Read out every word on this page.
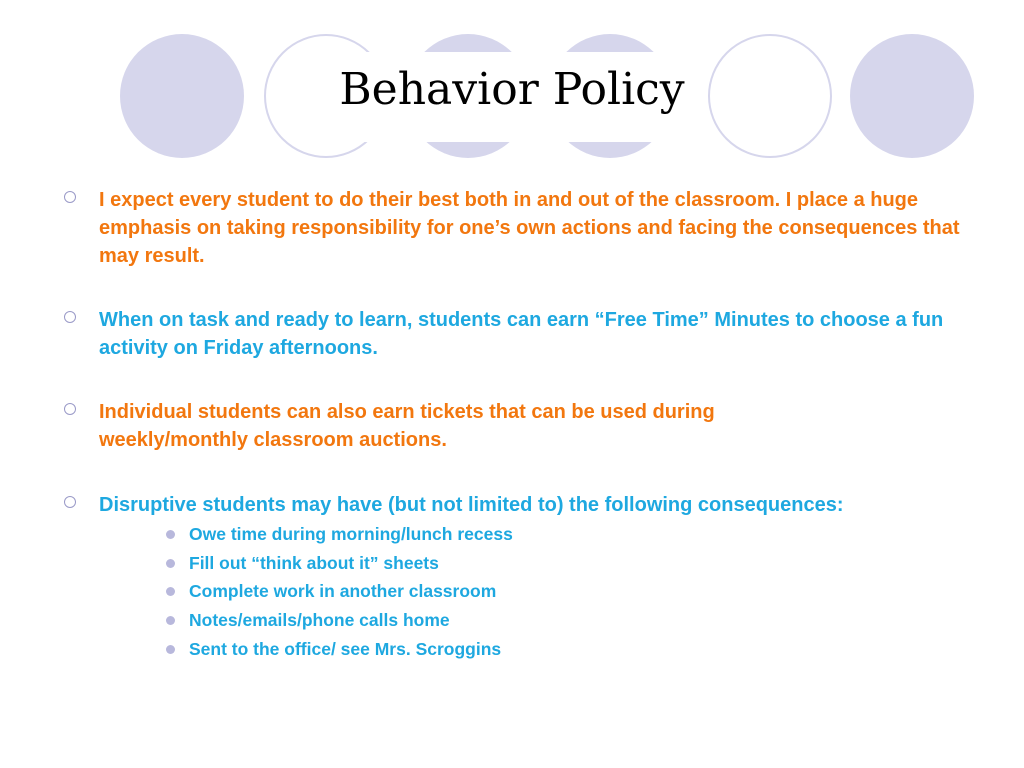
Behavior Policy
I expect every student to do their best both in and out of the classroom. I place a huge emphasis on taking responsibility for one’s own actions and facing the consequences that may result.
When on task and ready to learn, students can earn “Free Time” Minutes to choose a fun activity on Friday afternoons.
Individual students can also earn tickets that can be used during weekly/monthly classroom auctions.
Disruptive students may have (but not limited to) the following consequences:
Owe time during morning/lunch recess
Fill out “think about it” sheets
Complete work in another classroom
Notes/emails/phone calls home
Sent to the office/ see Mrs. Scroggins
